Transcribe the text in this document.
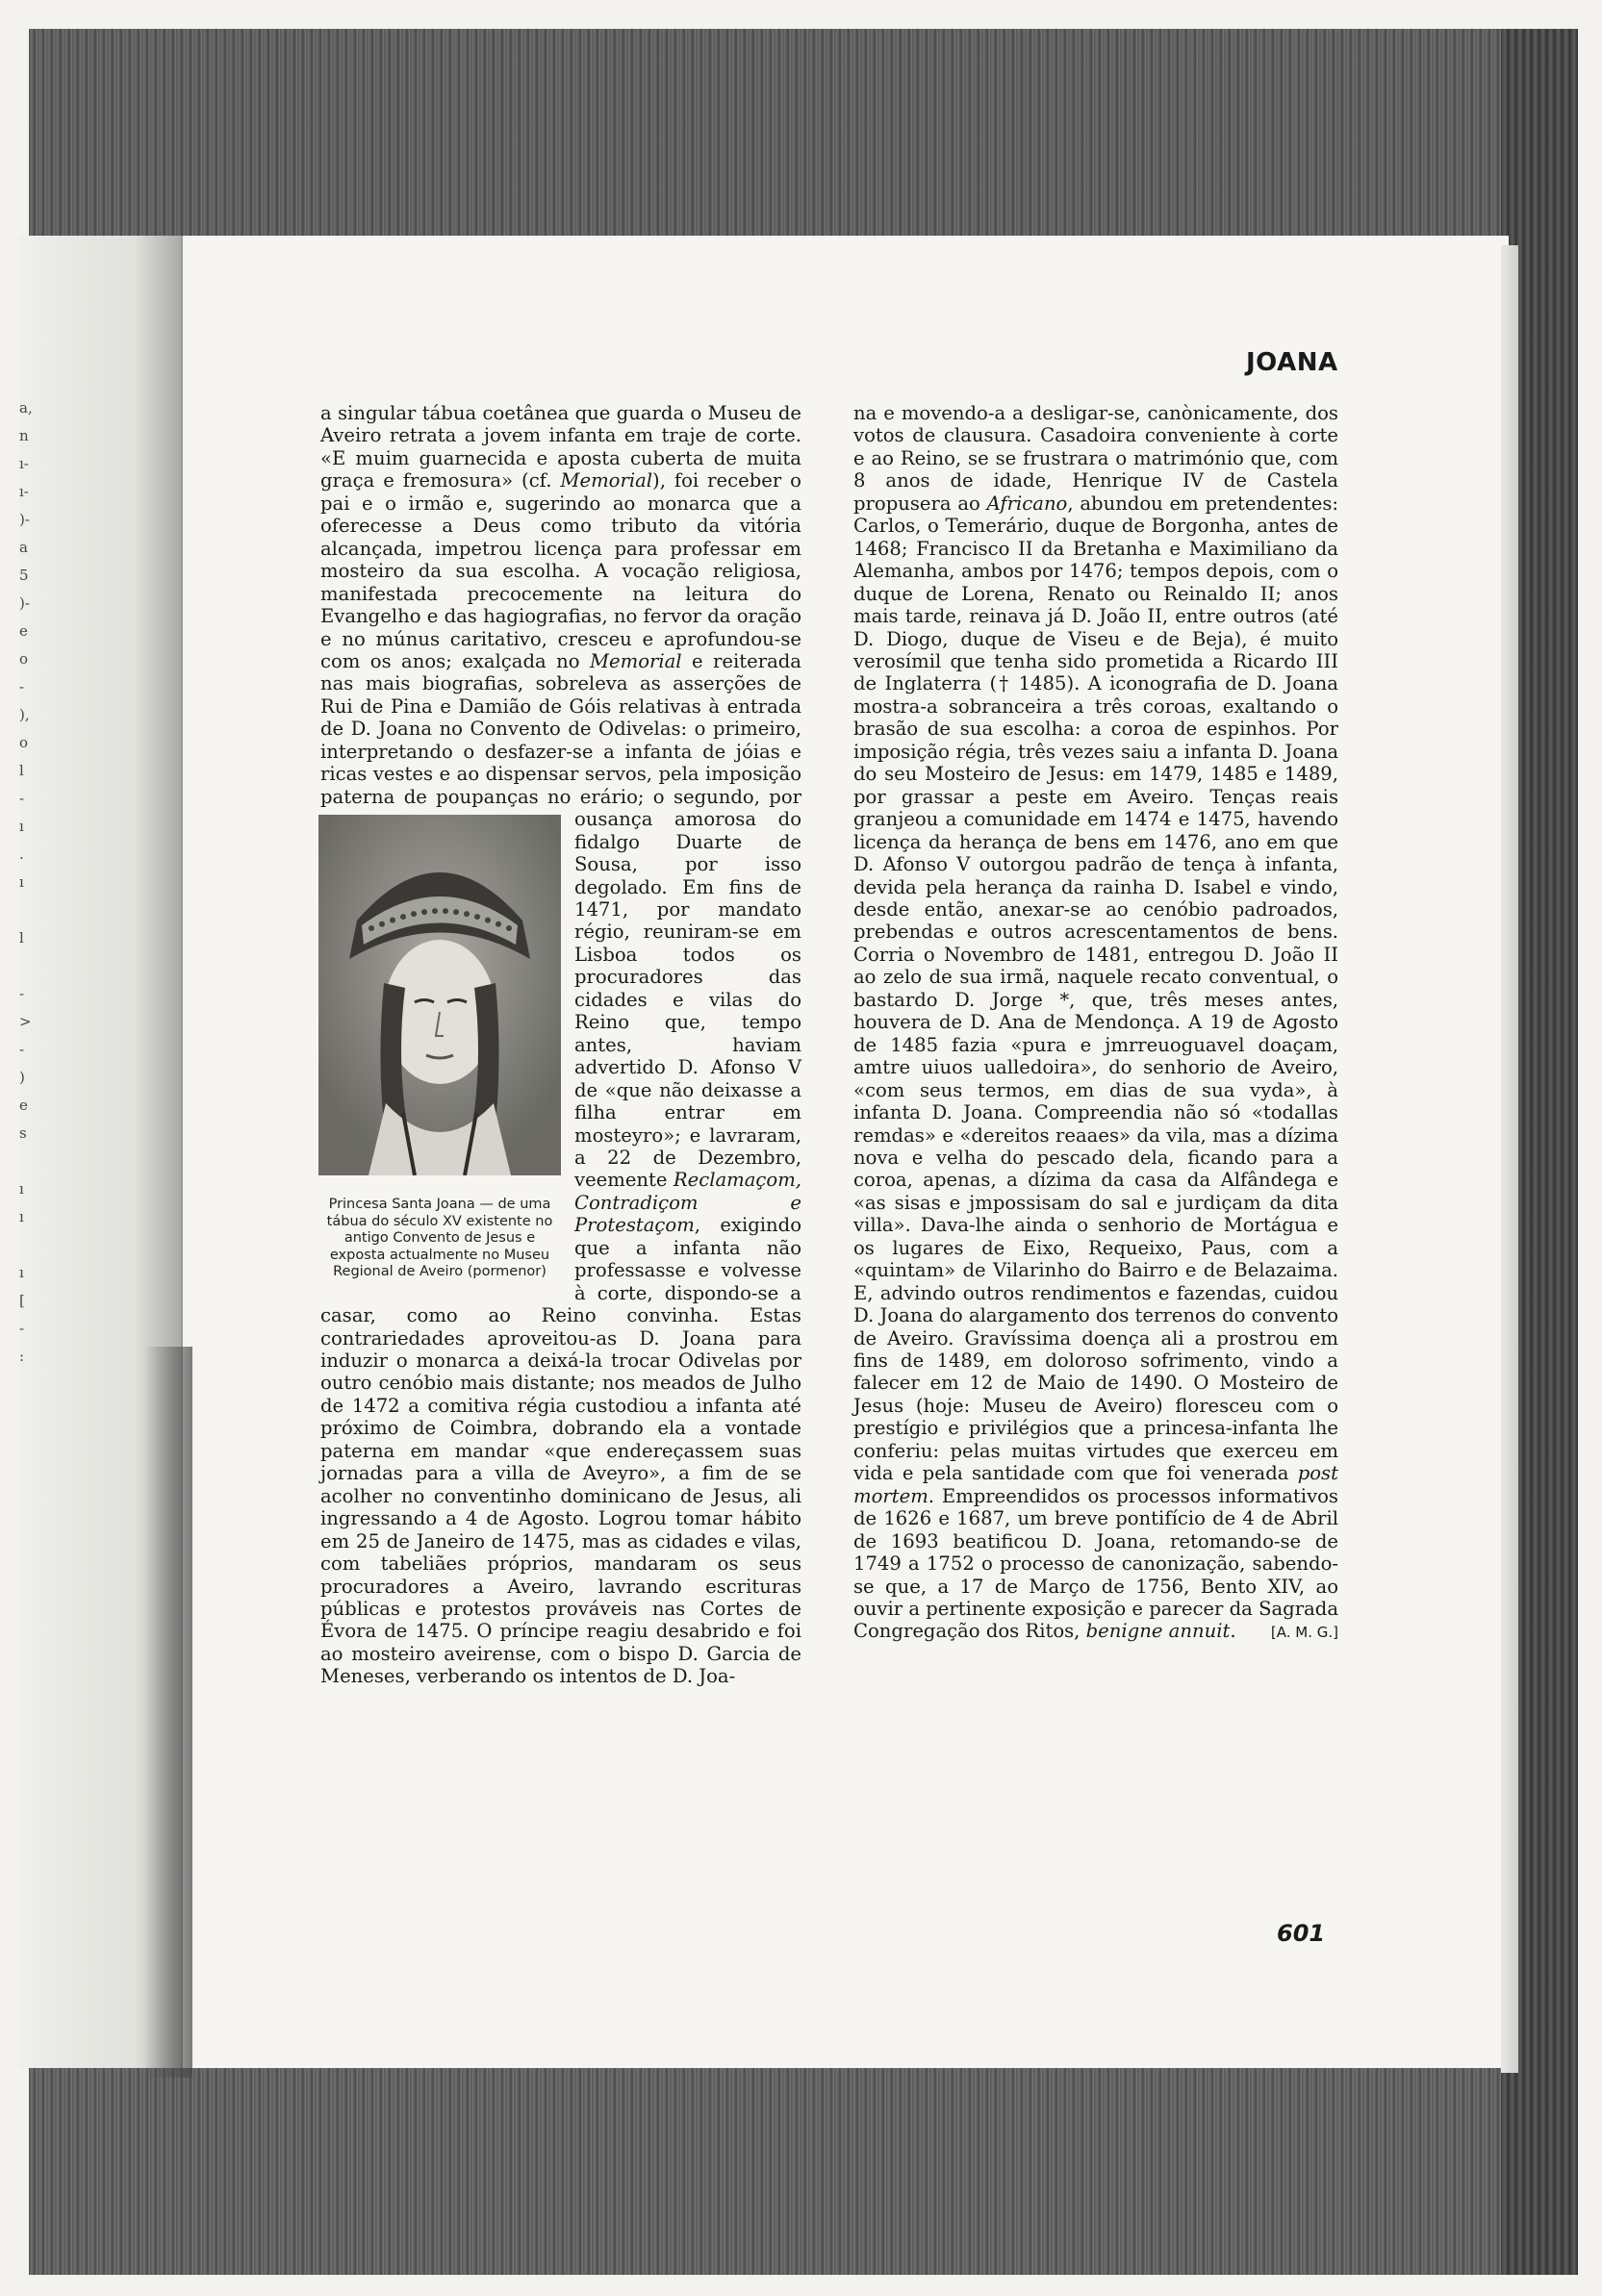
a,
n
ı-
ı-
)-
a
5
)-
e
o
-
),
o
l
-
ı
.
ı

l

-
>
-
)
e
s

ı
ı

ı
[
-
:
JOANA
a singular tábua coetânea que guarda o Museu de Aveiro retrata a jovem infanta em traje de corte. «E muim guarnecida e aposta cuberta de muita graça e fremosura» (cf. Memorial), foi receber o pai e o irmão e, sugerindo ao monarca que a oferecesse a Deus como tributo da vitória alcançada, impetrou licença para professar em mosteiro da sua escolha. A vocação religiosa, manifestada precocemente na leitura do Evangelho e das hagiografias, no fervor da oração e no múnus caritativo, cresceu e aprofundou-se com os anos; exalçada no Memorial e reiterada nas mais biografias, sobreleva as asserções de Rui de Pina e Damião de Góis relativas à entrada de D. Joana no Convento de Odivelas: o primeiro, interpretando o desfazer-se a infanta de jóias e ricas vestes e ao dispensar servos, pela imposição paterna de poupanças no erário; o segundo, por
Princesa Santa Joana — de uma tábua do século XV existente no antigo Convento de Jesus e exposta actualmente no Museu Regional de Aveiro (pormenor)
ousança amorosa do fidalgo Duarte de Sousa, por isso degolado. Em fins de 1471, por mandato régio, reuniram-se em Lisboa todos os procuradores das cidades e vilas do Reino que, tempo antes, haviam advertido D. Afonso V de «que não deixasse a filha entrar em mosteyro»; e lavraram, a 22 de Dezembro, veemente Reclamaçom, Contradiçom e Protestaçom, exigindo que a infanta não professasse e volvesse à corte, dispondo-se a casar, como ao Reino convinha. Estas contrariedades aproveitou-as D. Joana para induzir o monarca a deixá-la trocar Odivelas por outro cenóbio mais distante; nos meados de Julho de 1472 a comitiva régia custodiou a infanta até próximo de Coimbra, dobrando ela a vontade paterna em mandar «que endereçassem suas jornadas para a villa de Aveyro», a fim de se acolher no conventinho dominicano de Jesus, ali ingressando a 4 de Agosto. Logrou tomar hábito em 25 de Janeiro de 1475, mas as cidades e vilas, com tabeliães próprios, mandaram os seus procuradores a Aveiro, lavrando escrituras públicas e protestos prováveis nas Cortes de Évora de 1475. O príncipe reagiu desabrido e foi ao mosteiro aveirense, com o bispo D. Garcia de Meneses, verberando os intentos de D. Joa-
na e movendo-a a desligar-se, canònicamente, dos votos de clausura. Casadoira conveniente à corte e ao Reino, se se frustrara o matrimónio que, com 8 anos de idade, Henrique IV de Castela propusera ao Africano, abundou em pretendentes: Carlos, o Temerário, duque de Borgonha, antes de 1468; Francisco II da Bretanha e Maximiliano da Alemanha, ambos por 1476; tempos depois, com o duque de Lorena, Renato ou Reinaldo II; anos mais tarde, reinava já D. João II, entre outros (até D. Diogo, duque de Viseu e de Beja), é muito verosímil que tenha sido prometida a Ricardo III de Inglaterra († 1485). A iconografia de D. Joana mostra-a sobranceira a três coroas, exaltando o brasão de sua escolha: a coroa de espinhos. Por imposição régia, três vezes saiu a infanta D. Joana do seu Mosteiro de Jesus: em 1479, 1485 e 1489, por grassar a peste em Aveiro. Tenças reais granjeou a comunidade em 1474 e 1475, havendo licença da herança de bens em 1476, ano em que D. Afonso V outorgou padrão de tença à infanta, devida pela herança da rainha D. Isabel e vindo, desde então, anexar-se ao cenóbio padroados, prebendas e outros acrescentamentos de bens. Corria o Novembro de 1481, entregou D. João II ao zelo de sua irmã, naquele recato conventual, o bastardo D. Jorge *, que, três meses antes, houvera de D. Ana de Mendonça. A 19 de Agosto de 1485 fazia «pura e jmrreuoguavel doaçam, amtre uiuos ualledoira», do senhorio de Aveiro, «com seus termos, em dias de sua vyda», à infanta D. Joana. Compreendia não só «todallas remdas» e «dereitos reaaes» da vila, mas a dízima nova e velha do pescado dela, ficando para a coroa, apenas, a dízima da casa da Alfândega e «as sisas e jmpossisam do sal e jurdiçam da dita villa». Dava-lhe ainda o senhorio de Mortágua e os lugares de Eixo, Requeixo, Paus, com a «quintam» de Vilarinho do Bairro e de Belazaima. E, advindo outros rendimentos e fazendas, cuidou D. Joana do alargamento dos terrenos do convento de Aveiro. Gravíssima doença ali a prostrou em fins de 1489, em doloroso sofrimento, vindo a falecer em 12 de Maio de 1490. O Mosteiro de Jesus (hoje: Museu de Aveiro) floresceu com o prestígio e privilégios que a princesa-infanta lhe conferiu: pelas muitas virtudes que exerceu em vida e pela santidade com que foi venerada post mortem. Empreendidos os processos informativos de 1626 e 1687, um breve pontifício de 4 de Abril de 1693 beatificou D. Joana, retomando-se de 1749 a 1752 o processo de canonização, sabendo-se que, a 17 de Março de 1756, Bento XIV, ao ouvir a pertinente exposição e parecer da Sagrada Congregação dos Ritos, benigne annuit. [A. M. G.]
601
